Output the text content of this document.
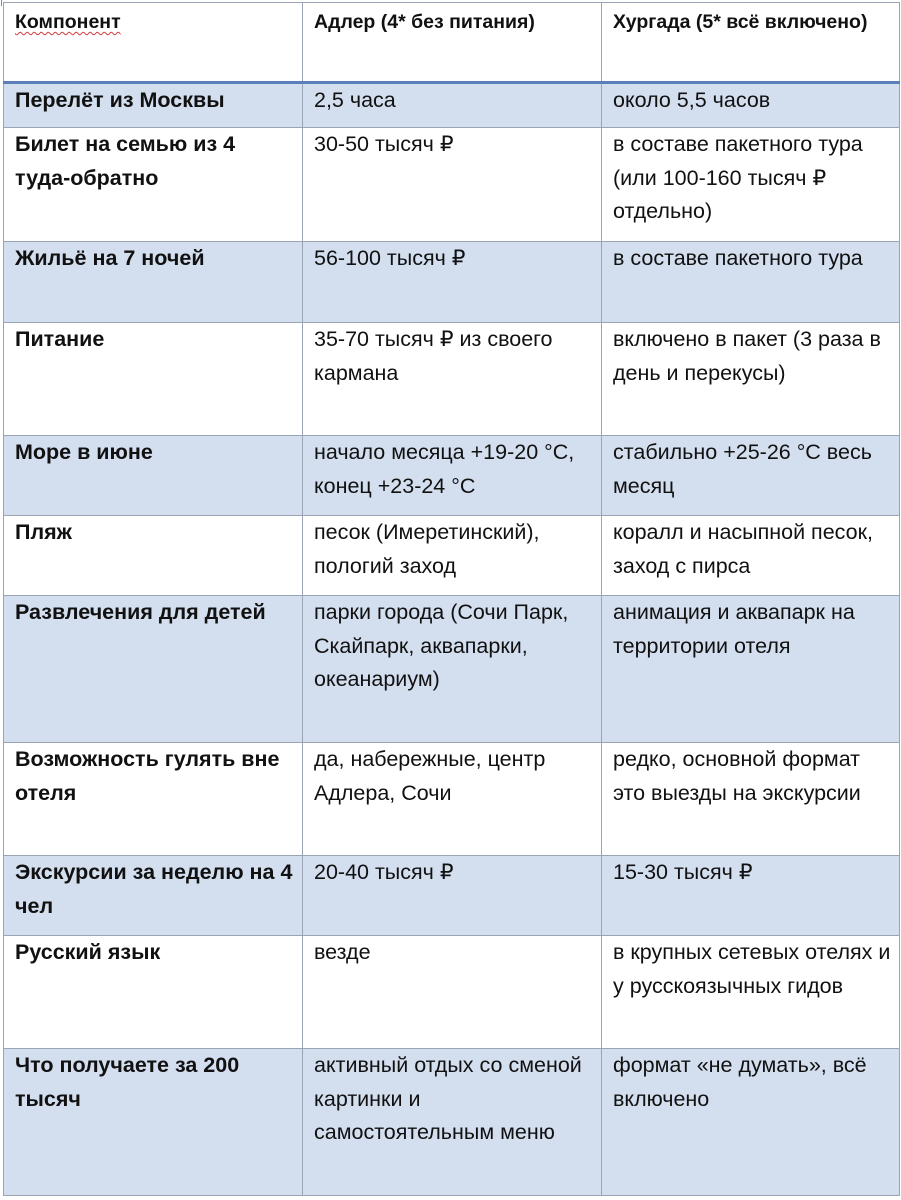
Компонент	Адлер (4* без питания)	Хургада (5* всё включено)
Перелёт из Москвы	2,5 часа	около 5,5 часов
Билет на семью из 4 туда-обратно	30-50 тысяч ₽	в составе пакетного тура (или 100-160 тысяч ₽ отдельно)
Жильё на 7 ночей	56-100 тысяч ₽	в составе пакетного тура
Питание	35-70 тысяч ₽ из своего кармана	включено в пакет (3 раза в день и перекусы)
Море в июне	начало месяца +19-20 °С, конец +23-24 °С	стабильно +25-26 °С весь месяц
Пляж	песок (Имеретинский), пологий заход	коралл и насыпной песок, заход с пирса
Развлечения для детей	парки города (Сочи Парк, Скайпарк, аквапарки, океанариум)	анимация и аквапарк на территории отеля
Возможность гулять вне отеля	да, набережные, центр Адлера, Сочи	редко, основной формат это выезды на экскурсии
Экскурсии за неделю на 4 чел	20-40 тысяч ₽	15-30 тысяч ₽
Русский язык	везде	в крупных сетевых отелях и у русскоязычных гидов
Что получаете за 200 тысяч	активный отдых со сменой картинки и самостоятельным меню	формат «не думать», всё включено
